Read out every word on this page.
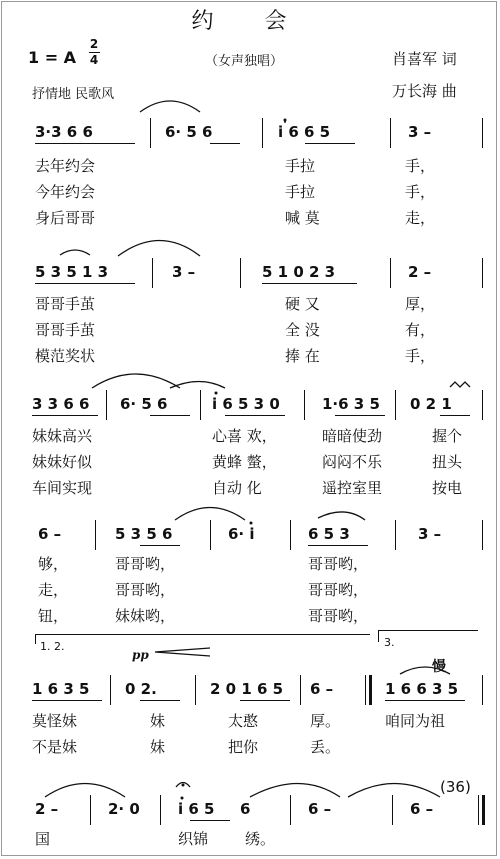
约 会
1 = A
2
4	（女声独唱）	肖喜军 词
万长海 曲
抒情地 民歌风
3·3 6 6	6· 5 6	i 6 6 5	3 –
去年约会	手拉	手，
今年约会	手拉	手，
身后哥哥	喊 莫	走，
5 3 5 1 3	3 –	5 1 0 2 3	2 –
哥哥手茧	硬 又	厚，
哥哥手茧	全 没	有，
模范奖状	捧 在	手，
3 3 6 6 6· 5 6	i 6 5 3 0	1·6 3 5 0 2 1
妹妹高兴	心喜 欢，	暗暗使劲	握个
妹妹好似	黄蜂 螫，	闷闷不乐	扭头
车间实现	自动 化	遥控室里	按电
6 –	5 3 5 6	6· i	6 5 3	3 –
够，	哥哥哟，	哥哥哟，
走，	哥哥哟，	哥哥哟，
钮，	妹妹哟，	哥哥哟，
1. 2.	3.
pp
慢
1 6 3 5 0 2.	2 0 1 6 5 6 –	1 6 6 3 5
莫怪妹	妹	太憨	厚。	咱同为祖
不是妹	妹	把你	丢。
(36)
2 –	2· 0	i 6 5 6	6 –	6 –
国	织锦 绣。
